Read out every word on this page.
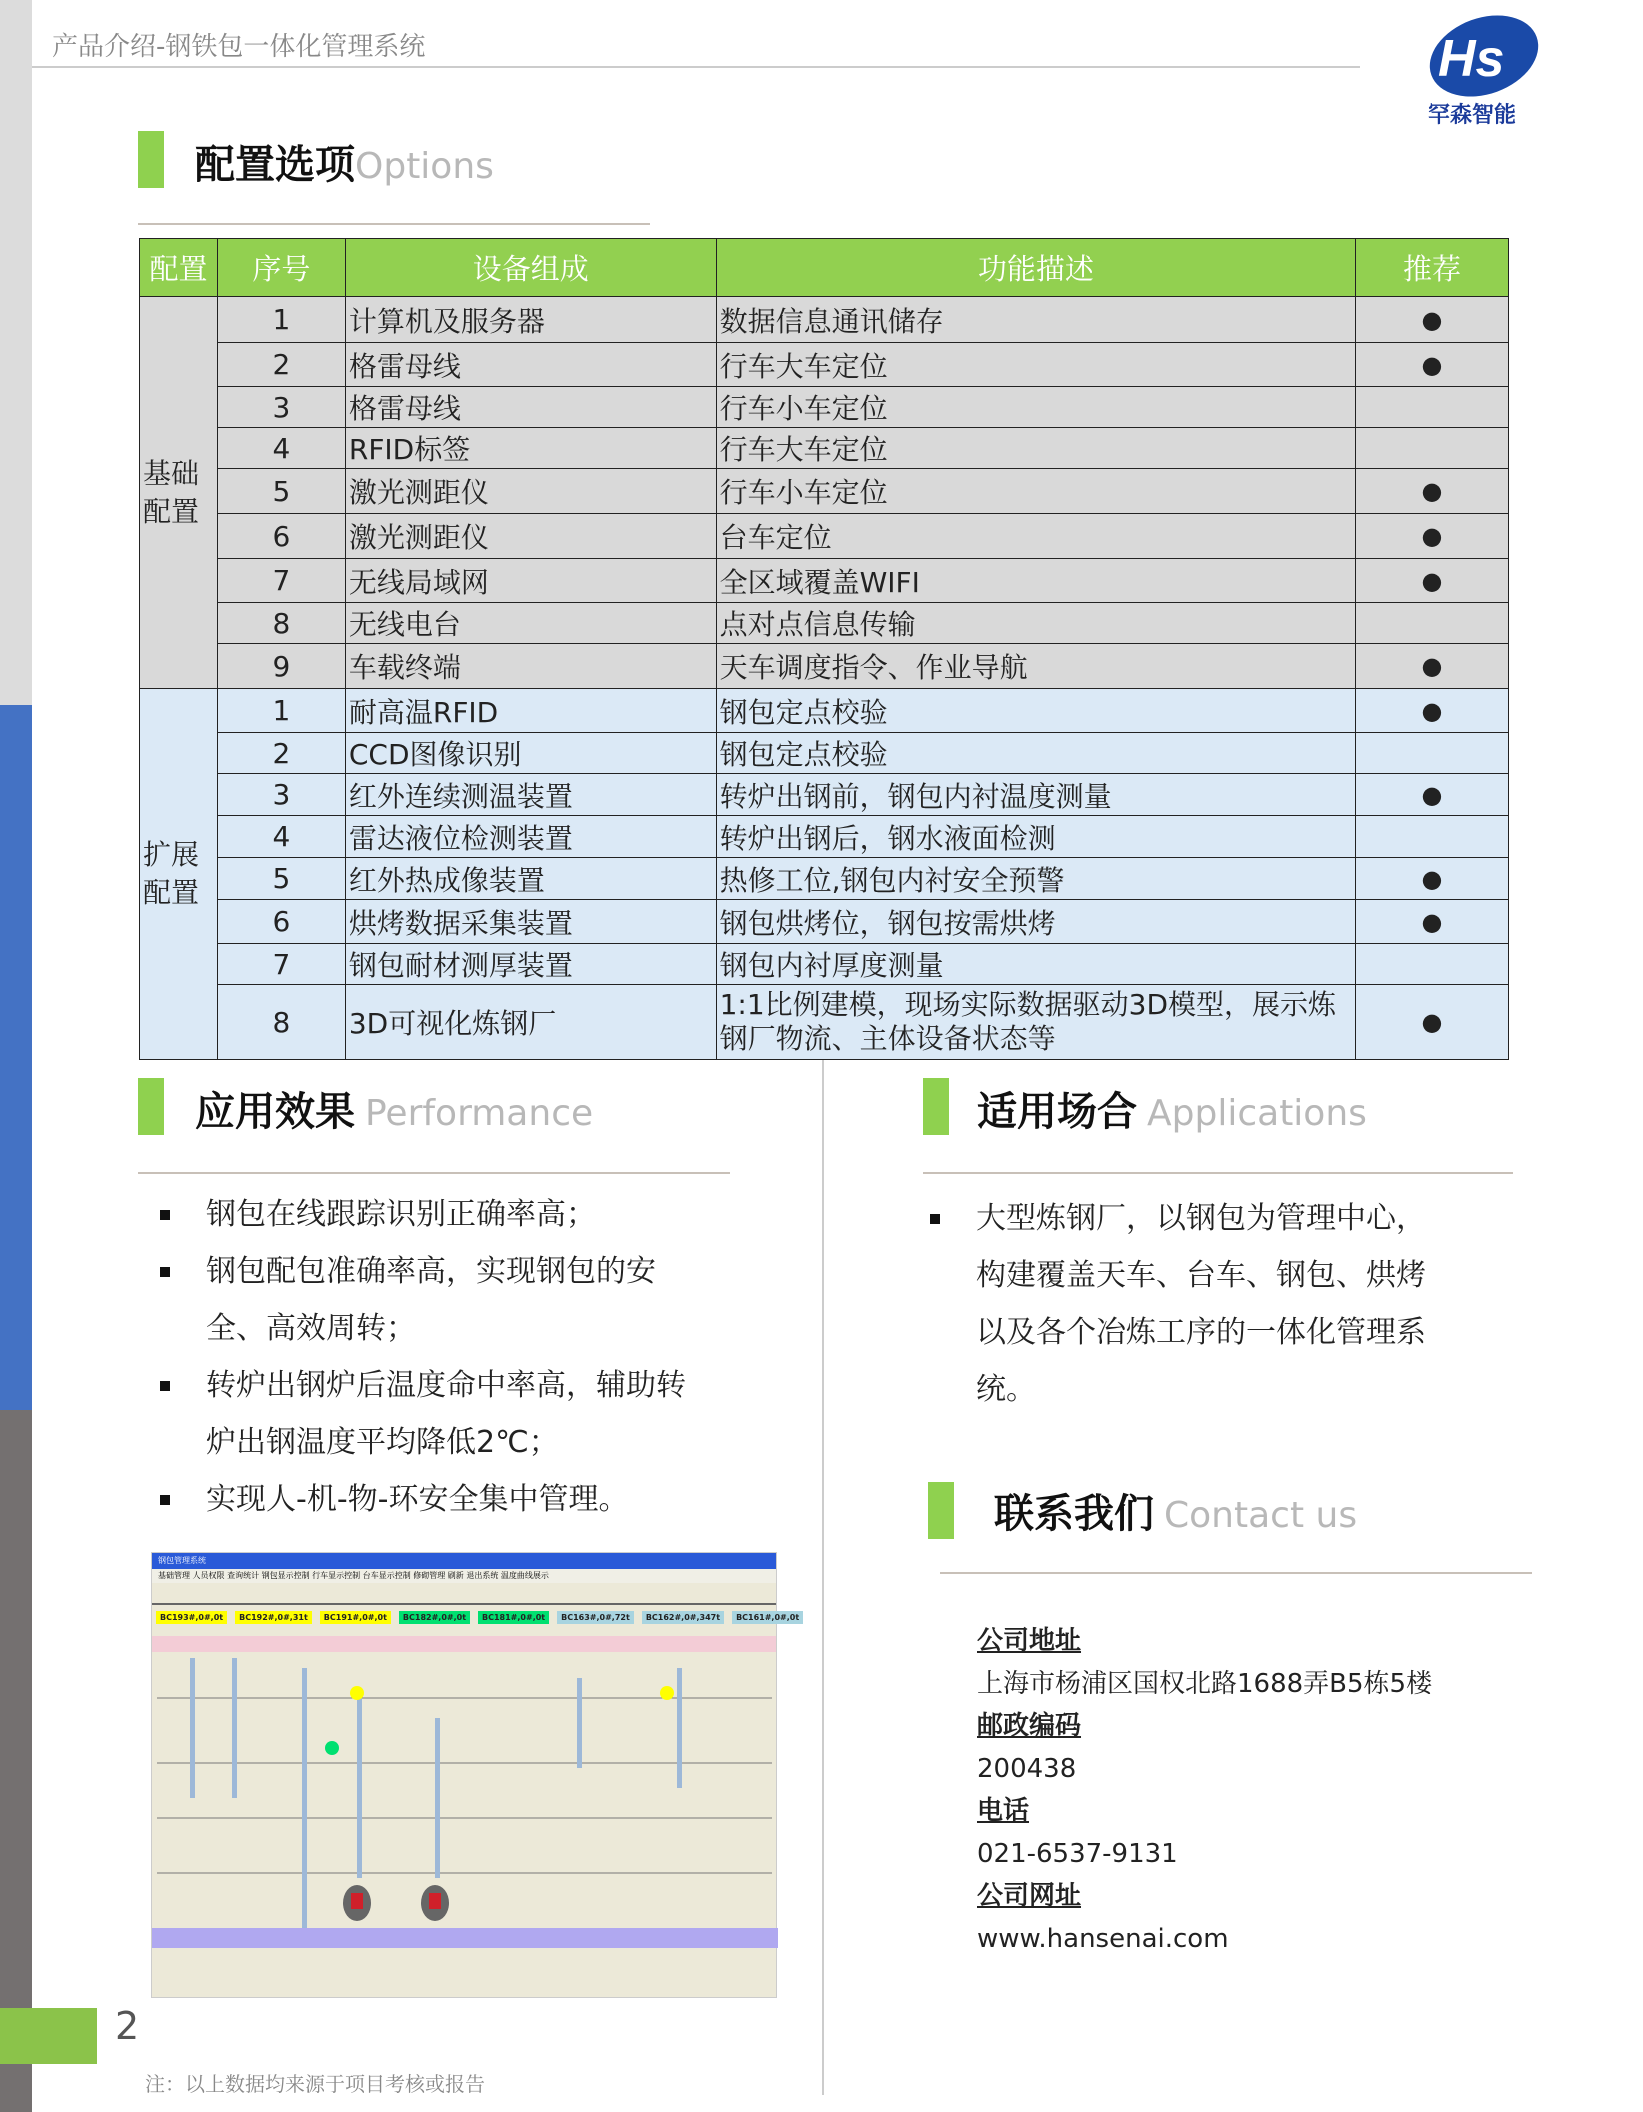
2
产品介绍-钢铁包一体化管理系统	Hs
罕森智能
配置选项Options
配置	序号	设备组成	功能描述	推荐
基础
配置	1	计算机及服务器	数据信息通讯储存	●
	2	格雷母线	行车大车定位	●
	3	格雷母线	行车小车定位	
	4	RFID标签	行车大车定位	
	5	激光测距仪	行车小车定位	●
	6	激光测距仪	台车定位	●
	7	无线局域网	全区域覆盖WIFI	●
	8	无线电台	点对点信息传输	
	9	车载终端	天车调度指令、作业导航	●
扩展
配置	1	耐高温RFID	钢包定点校验	●
	2	CCD图像识别	钢包定点校验	
	3	红外连续测温装置	转炉出钢前，钢包内衬温度测量	●
	4	雷达液位检测装置	转炉出钢后，钢水液面检测	
	5	红外热成像装置	热修工位,钢包内衬安全预警	●
	6	烘烤数据采集装置	钢包烘烤位，钢包按需烘烤	●
	7	钢包耐材测厚装置	钢包内衬厚度测量	
	8	3D可视化炼钢厂	1:1比例建模，现场实际数据驱动3D模型，展示炼钢厂物流、主体设备状态等	●
应用效果 Performance
钢包在线跟踪识别正确率高；
钢包配包准确率高，实现钢包的安全、高效周转；
转炉出钢炉后温度命中率高，辅助转炉出钢温度平均降低2℃；
实现人-机-物-环安全集中管理。
适用场合 Applications
大型炼钢厂，以钢包为管理中心，构建覆盖天车、台车、钢包、烘烤以及各个冶炼工序的一体化管理系统。
联系我们 Contact us
公司地址
上海市杨浦区国权北路1688弄B5栋5楼
邮政编码
200438
电话
021-6537-9131
公司网址
www.hansenai.com
钢包管理系统
基础管理 人员权限 查询统计 钢包显示控制 行车显示控制 台车显示控制 修砌管理 刷新 退出系统 温度曲线展示
BC193#,0#,0t	BC192#,0#,31t	BC191#,0#,0t	BC182#,0#,0t	BC181#,0#,0t	BC163#,0#,72t	BC162#,0#,347t	BC161#,0#,0t
注：以上数据均来源于项目考核或报告
